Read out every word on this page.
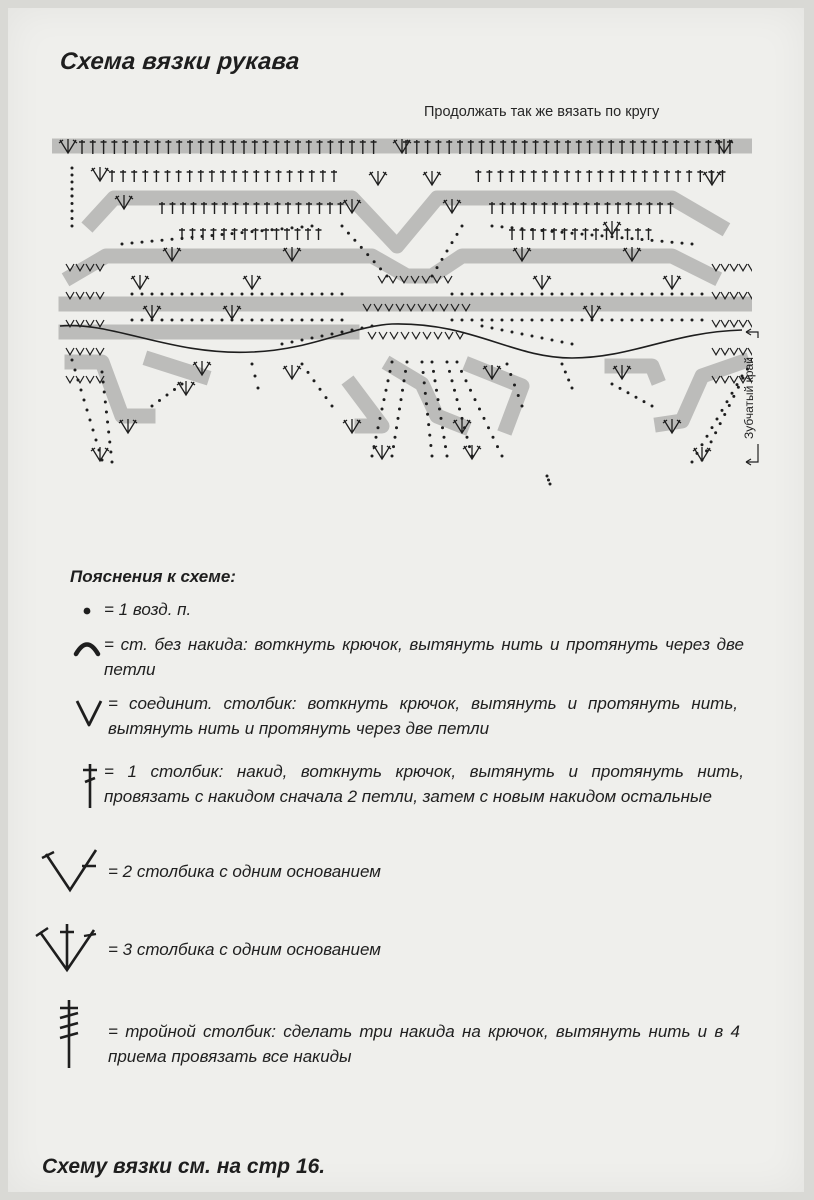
Схема вязки рукава
Продолжать так же вязать по кругу
Зубчатый край
Пояснения к схеме:
= 1 возд. п.
= ст. без накида: воткнуть крючок, вытянуть нить и протянуть через две петли
= соединит. столбик: воткнуть крючок, вытянуть и протянуть нить, вытянуть нить и протянуть через две петли
= 1 столбик: накид, воткнуть крючок, вытянуть и протянуть нить, провязать с накидом сначала 2 петли, затем с новым накидом остальные
= 2 столбика с одним основанием
= 3 столбика с одним основанием
= тройной столбик: сделать три накида на крючок, вытянуть нить и в 4 приема провязать все накиды
Схему вязки см. на стр 16.
